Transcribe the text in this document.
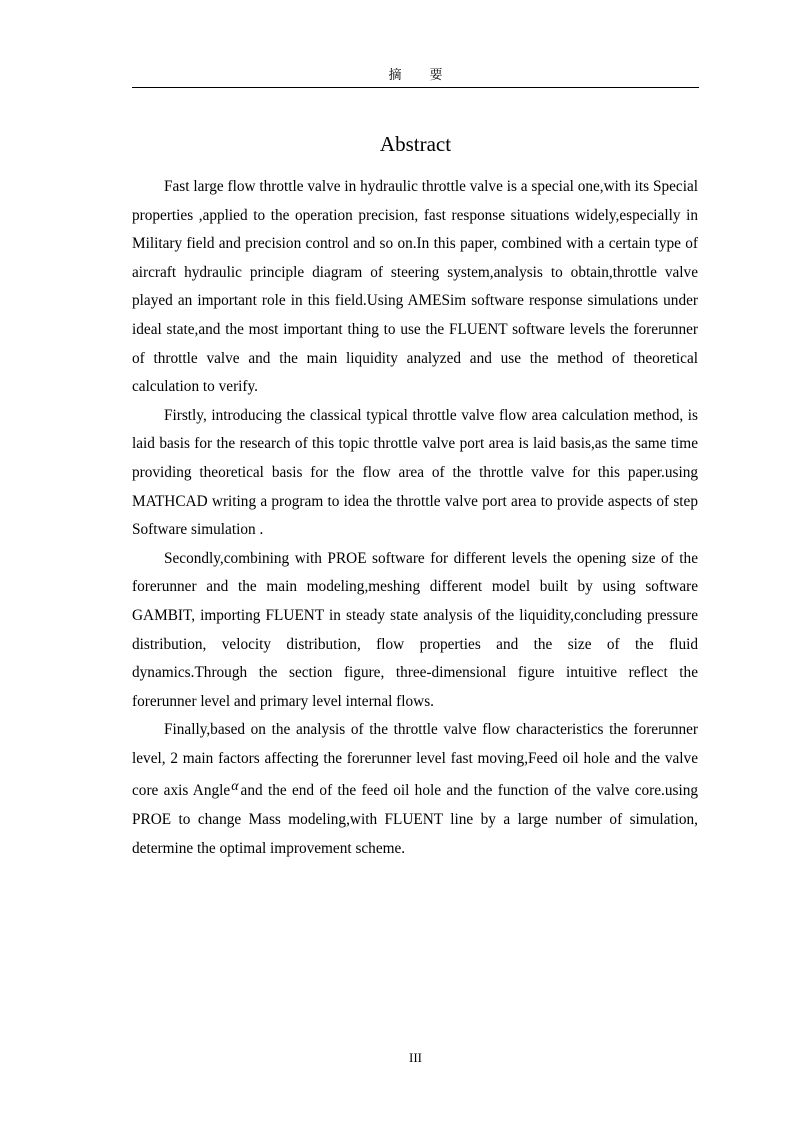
摘要
Abstract

Fast large flow throttle valve in hydraulic throttle valve is a special one,with its Special properties ,applied to the operation precision, fast response situations widely,especially in Military field and precision control and so on.In this paper, combined with a certain type of aircraft hydraulic principle diagram of steering system,analysis to obtain,throttle valve played an important role in this field.Using AMESim software response simulations under ideal state,and the most important thing to use the FLUENT software levels the forerunner of throttle valve and the main liquidity analyzed and use the method of theoretical calculation to verify.

Firstly, introducing the classical typical throttle valve flow area calculation method, is laid basis for the research of this topic throttle valve port area is laid basis,as the same time providing theoretical basis for the flow area of the throttle valve for this paper.using MATHCAD writing a program to idea the throttle valve port area to provide aspects of step Software simulation .

Secondly,combining with PROE software for different levels the opening size of the forerunner and the main modeling,meshing different model built by using software GAMBIT, importing FLUENT in steady state analysis of the liquidity,concluding pressure distribution, velocity distribution, flow properties and the size of the fluid dynamics.Through the section figure, three-dimensional figure intuitive reflect the forerunner level and primary level internal flows.

Finally,based on the analysis of the throttle valve flow characteristics the forerunner level, 2 main factors affecting the forerunner level fast moving,Feed oil hole and the valve core axis Angleα and the end of the feed oil hole and the function of the valve core.using PROE to change Mass modeling,with FLUENT line by a large number of simulation, determine the optimal improvement scheme.

III
